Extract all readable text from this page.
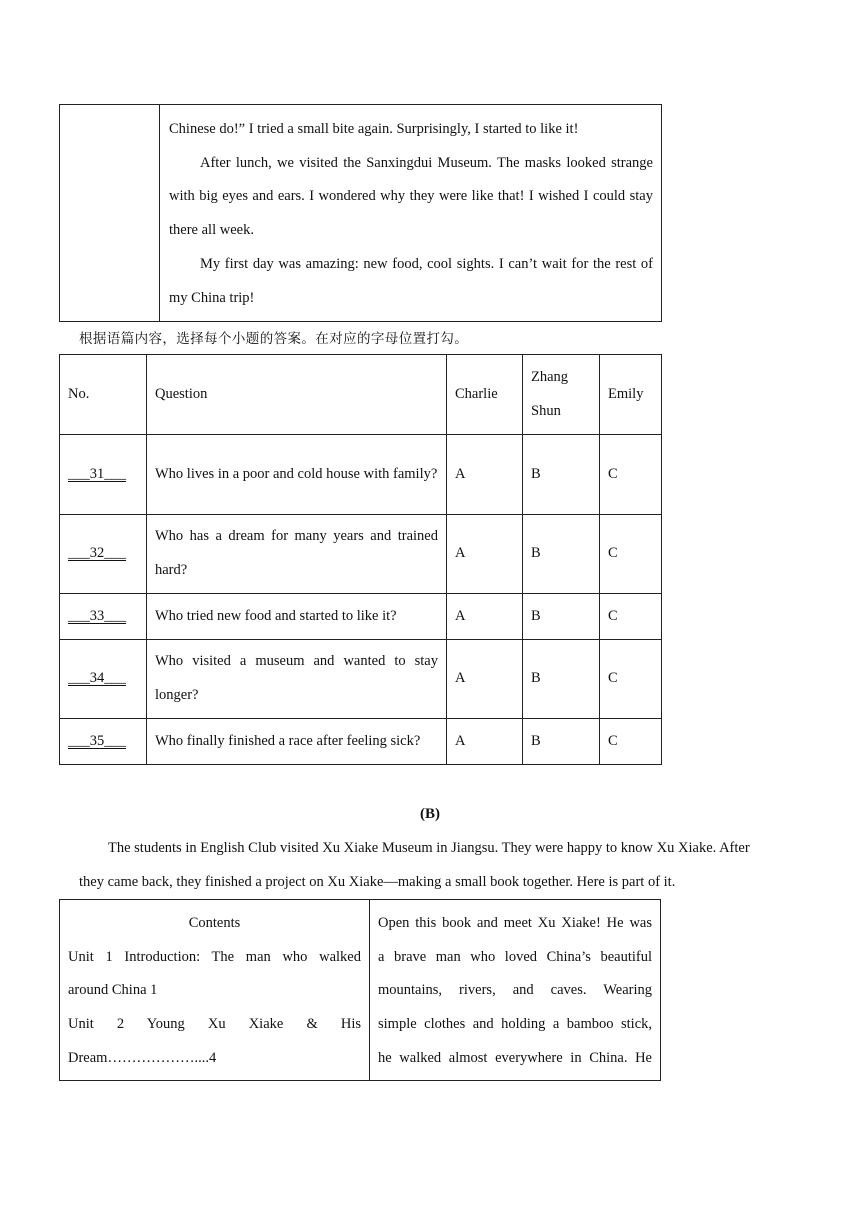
Chinese do!” I tried a small bite again. Surprisingly, I started to like it!
After lunch, we visited the Sanxingdui Museum. The masks looked strange with big eyes and ears. I wondered why they were like that! I wished I could stay there all week.
My first day was amazing: new food, cool sights. I can’t wait for the rest of my China trip!
根据语篇内容，选择每个小题的答案。在对应的字母位置打勾。
No.	Question	Charlie	Zhang Shun	Emily
___31___	Who lives in a poor and cold house with family?	A	B	C
___32___	Who has a dream for many years and trained hard?	A	B	C
___33___	Who tried new food and started to like it?	A	B	C
___34___	Who visited a museum and wanted to stay longer?	A	B	C
___35___	Who finally finished a race after feeling sick?	A	B	C
(B)
The students in English Club visited Xu Xiake Museum in Jiangsu. They were happy to know Xu Xiake. After
they came back, they finished a project on Xu Xiake—making a small book together. Here is part of it.
Contents
Unit 1 Introduction: The man who walked
around China 1
Unit 2 Young Xu Xiake & His
Dream………………....4

Open this book and meet Xu Xiake! He was
a brave man who loved China’s beautiful
mountains, rivers, and caves. Wearing
simple clothes and holding a bamboo stick,
he walked almost everywhere in China. He
